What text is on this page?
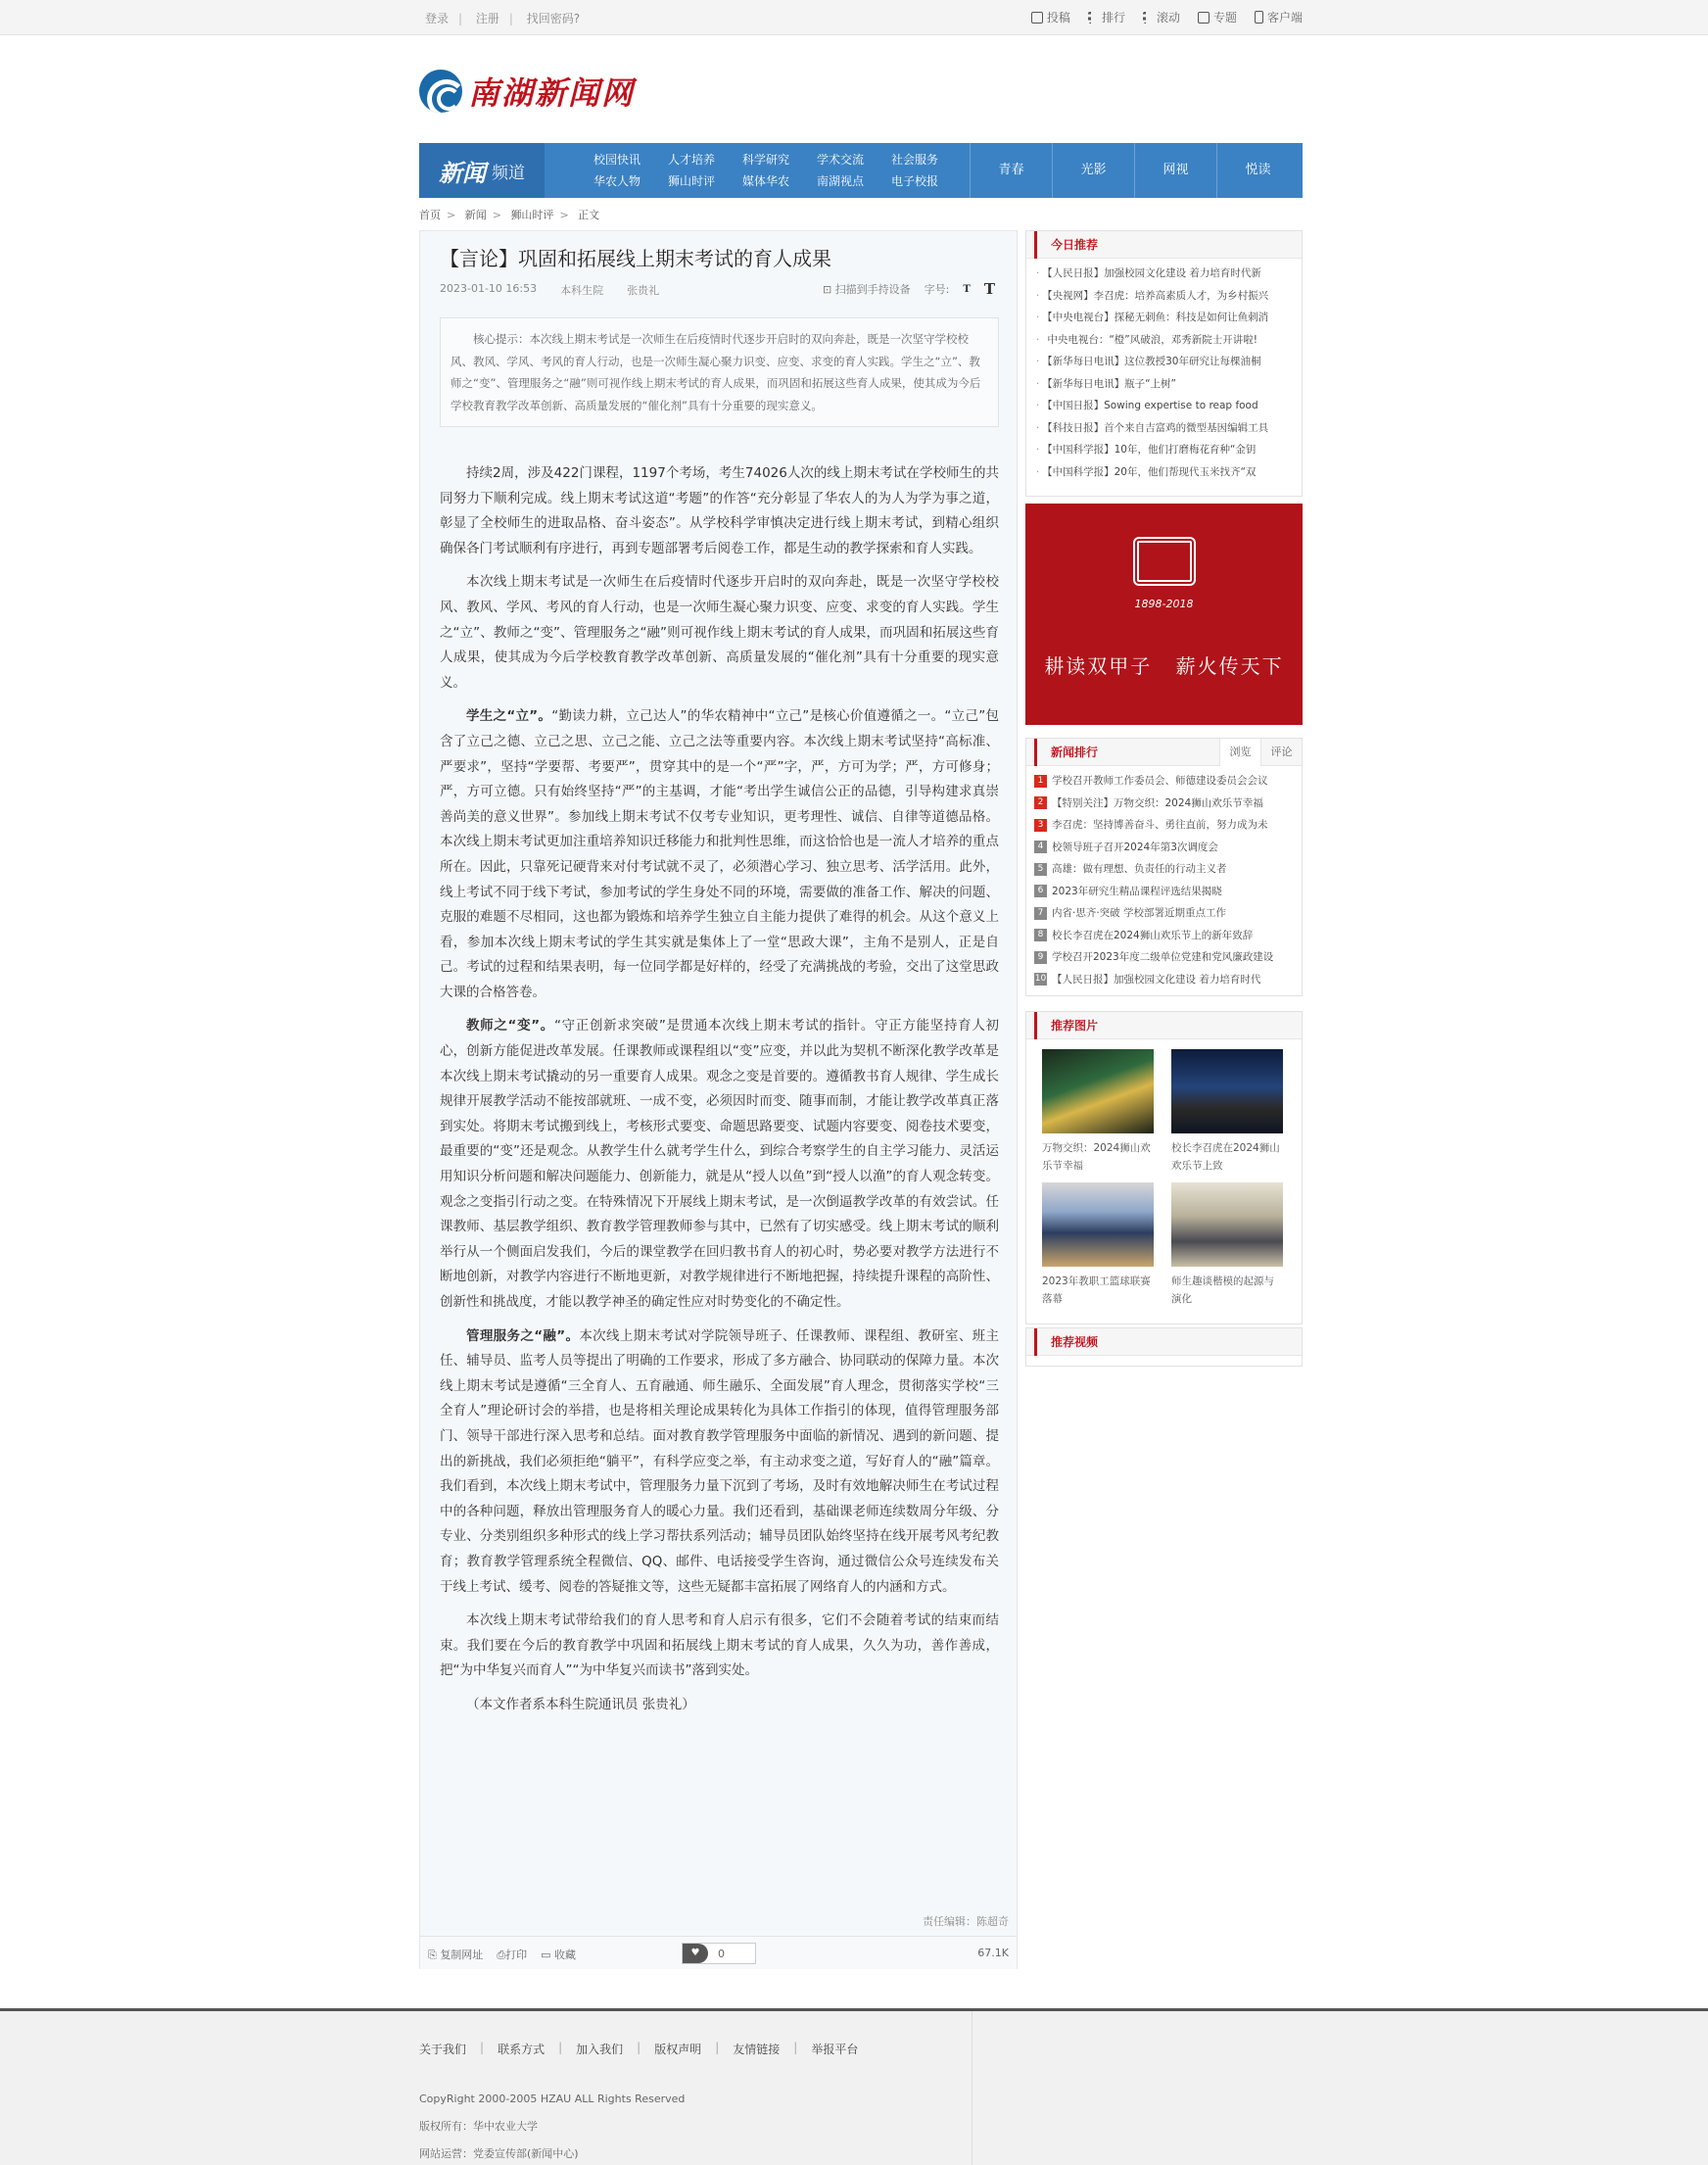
登录 | 注册 | 找回密码?	投稿	排行	滚动	专题	客户端
南湖新闻网
新闻 频道
校园快讯	人才培养	科学研究	学术交流	社会服务
华农人物	狮山时评	媒体华农	南湖视点	电子校报
青春	光影	网视	悦读
首页 > 新闻 > 狮山时评 > 正文
【言论】巩固和拓展线上期末考试的育人成果
2023-01-10 16:53 本科生院 张贵礼	⊡ 扫描到手持设备 字号: T T
核心提示：本次线上期末考试是一次师生在后疫情时代逐步开启时的双向奔赴，既是一次坚守学校校风、教风、学风、考风的育人行动，也是一次师生凝心聚力识变、应变、求变的育人实践。学生之“立”、教师之“变”、管理服务之“融”则可视作线上期末考试的育人成果，而巩固和拓展这些育人成果，使其成为今后学校教育教学改革创新、高质量发展的“催化剂”具有十分重要的现实意义。

持续2周，涉及422门课程，1197个考场，考生74026人次的线上期末考试在学校师生的共同努力下顺利完成。线上期末考试这道“考题”的作答“充分彰显了华农人的为人为学为事之道，彰显了全校师生的进取品格、奋斗姿态”。从学校科学审慎决定进行线上期末考试，到精心组织确保各门考试顺利有序进行，再到专题部署考后阅卷工作，都是生动的教学探索和育人实践。

本次线上期末考试是一次师生在后疫情时代逐步开启时的双向奔赴，既是一次坚守学校校风、教风、学风、考风的育人行动，也是一次师生凝心聚力识变、应变、求变的育人实践。学生之“立”、教师之“变”、管理服务之“融”则可视作线上期末考试的育人成果，而巩固和拓展这些育人成果，使其成为今后学校教育教学改革创新、高质量发展的“催化剂”具有十分重要的现实意义。

学生之“立”。“勤读力耕，立己达人”的华农精神中“立己”是核心价值遵循之一。“立己”包含了立己之德、立己之思、立己之能、立己之法等重要内容。本次线上期末考试坚持“高标准、严要求”，坚持“学要帮、考要严”，贯穿其中的是一个“严”字，严，方可为学；严，方可修身；严，方可立德。只有始终坚持“严”的主基调，才能“考出学生诚信公正的品德，引导构建求真崇善尚美的意义世界”。参加线上期末考试不仅考专业知识，更考理性、诚信、自律等道德品格。本次线上期末考试更加注重培养知识迁移能力和批判性思维，而这恰恰也是一流人才培养的重点所在。因此，只靠死记硬背来对付考试就不灵了，必须潜心学习、独立思考、活学活用。此外，线上考试不同于线下考试，参加考试的学生身处不同的环境，需要做的准备工作、解决的问题、克服的难题不尽相同，这也都为锻炼和培养学生独立自主能力提供了难得的机会。从这个意义上看，参加本次线上期末考试的学生其实就是集体上了一堂“思政大课”，主角不是别人，正是自己。考试的过程和结果表明，每一位同学都是好样的，经受了充满挑战的考验，交出了这堂思政大课的合格答卷。

教师之“变”。“守正创新求突破”是贯通本次线上期末考试的指针。守正方能坚持育人初心，创新方能促进改革发展。任课教师或课程组以“变”应变，并以此为契机不断深化教学改革是本次线上期末考试撬动的另一重要育人成果。观念之变是首要的。遵循教书育人规律、学生成长规律开展教学活动不能按部就班、一成不变，必须因时而变、随事而制，才能让教学改革真正落到实处。将期末考试搬到线上，考核形式要变、命题思路要变、试题内容要变、阅卷技术要变，最重要的“变”还是观念。从教学生什么就考学生什么，到综合考察学生的自主学习能力、灵活运用知识分析问题和解决问题能力、创新能力，就是从“授人以鱼”到“授人以渔”的育人观念转变。观念之变指引行动之变。在特殊情况下开展线上期末考试，是一次倒逼教学改革的有效尝试。任课教师、基层教学组织、教育教学管理教师参与其中，已然有了切实感受。线上期末考试的顺利举行从一个侧面启发我们，今后的课堂教学在回归教书育人的初心时，势必要对教学方法进行不断地创新，对教学内容进行不断地更新，对教学规律进行不断地把握，持续提升课程的高阶性、创新性和挑战度，才能以教学神圣的确定性应对时势变化的不确定性。

管理服务之“融”。本次线上期末考试对学院领导班子、任课教师、课程组、教研室、班主任、辅导员、监考人员等提出了明确的工作要求，形成了多方融合、协同联动的保障力量。本次线上期末考试是遵循“三全育人、五育融通、师生融乐、全面发展”育人理念，贯彻落实学校“三全育人”理论研讨会的举措，也是将相关理论成果转化为具体工作指引的体现，值得管理服务部门、领导干部进行深入思考和总结。面对教育教学管理服务中面临的新情况、遇到的新问题、提出的新挑战，我们必须拒绝“躺平”，有科学应变之举，有主动求变之道，写好育人的“融”篇章。我们看到，本次线上期末考试中，管理服务力量下沉到了考场，及时有效地解决师生在考试过程中的各种问题，释放出管理服务育人的暖心力量。我们还看到，基础课老师连续数周分年级、分专业、分类别组织多种形式的线上学习帮扶系列活动；辅导员团队始终坚持在线开展考风考纪教育；教育教学管理系统全程微信、QQ、邮件、电话接受学生咨询，通过微信公众号连续发布关于线上考试、缓考、阅卷的答疑推文等，这些无疑都丰富拓展了网络育人的内涵和方式。

本次线上期末考试带给我们的育人思考和育人启示有很多，它们不会随着考试的结束而结束。我们要在今后的教育教学中巩固和拓展线上期末考试的育人成果，久久为功，善作善成，把“为中华复兴而育人”“为中华复兴而读书”落到实处。

（本文作者系本科生院通讯员 张贵礼）

责任编辑：陈超奇
⎘ 复制网址 ⎙打印 ▭ 收藏	♥	0	67.1K
今日推荐
· 【人民日报】加强校园文化建设 着力培育时代新
· 【央视网】李召虎：培养高素质人才，为乡村振兴
· 【中央电视台】探秘无刺鱼：科技是如何让鱼刺消
· 中央电视台：“橙”风破浪，邓秀新院士开讲啦!
· 【新华每日电讯】这位教授30年研究让每棵油桐
· 【新华每日电讯】瓶子“上树”
· 【中国日报】Sowing expertise to reap food
· 【科技日报】首个来自吉富鸡的微型基因编辑工具
· 【中国科学报】10年，他们打磨梅花育种“金钥
· 【中国科学报】20年，他们帮现代玉米找齐“双
1898-2018
耕读双甲子 薪火传天下
新闻排行	浏览	评论
1 学校召开教师工作委员会、师德建设委员会会议
2 【特别关注】万物交织：2024狮山欢乐节幸福
3 李召虎：坚持博善奋斗、勇往直前，努力成为未
4 校领导班子召开2024年第3次调度会
5 高雄：做有理想、负责任的行动主义者
6 2023年研究生精品课程评选结果揭晓
7 内省·思齐·突破 学校部署近期重点工作
8 校长李召虎在2024狮山欢乐节上的新年致辞
9 学校召开2023年度二级单位党建和党风廉政建设
10 【人民日报】加强校园文化建设 着力培育时代
推荐图片
万物交织：2024狮山欢乐节幸福
校长李召虎在2024狮山欢乐节上致
2023年教职工篮球联赛落幕
师生趣谈楷模的起源与演化
推荐视频
关于我们 | 联系方式 | 加入我们 | 版权声明 | 友情链接 | 举报平台
CopyRight 2000-2005 HZAU ALL Rights Reserved
版权所有：华中农业大学
网站运营：党委宣传部(新闻中心)
